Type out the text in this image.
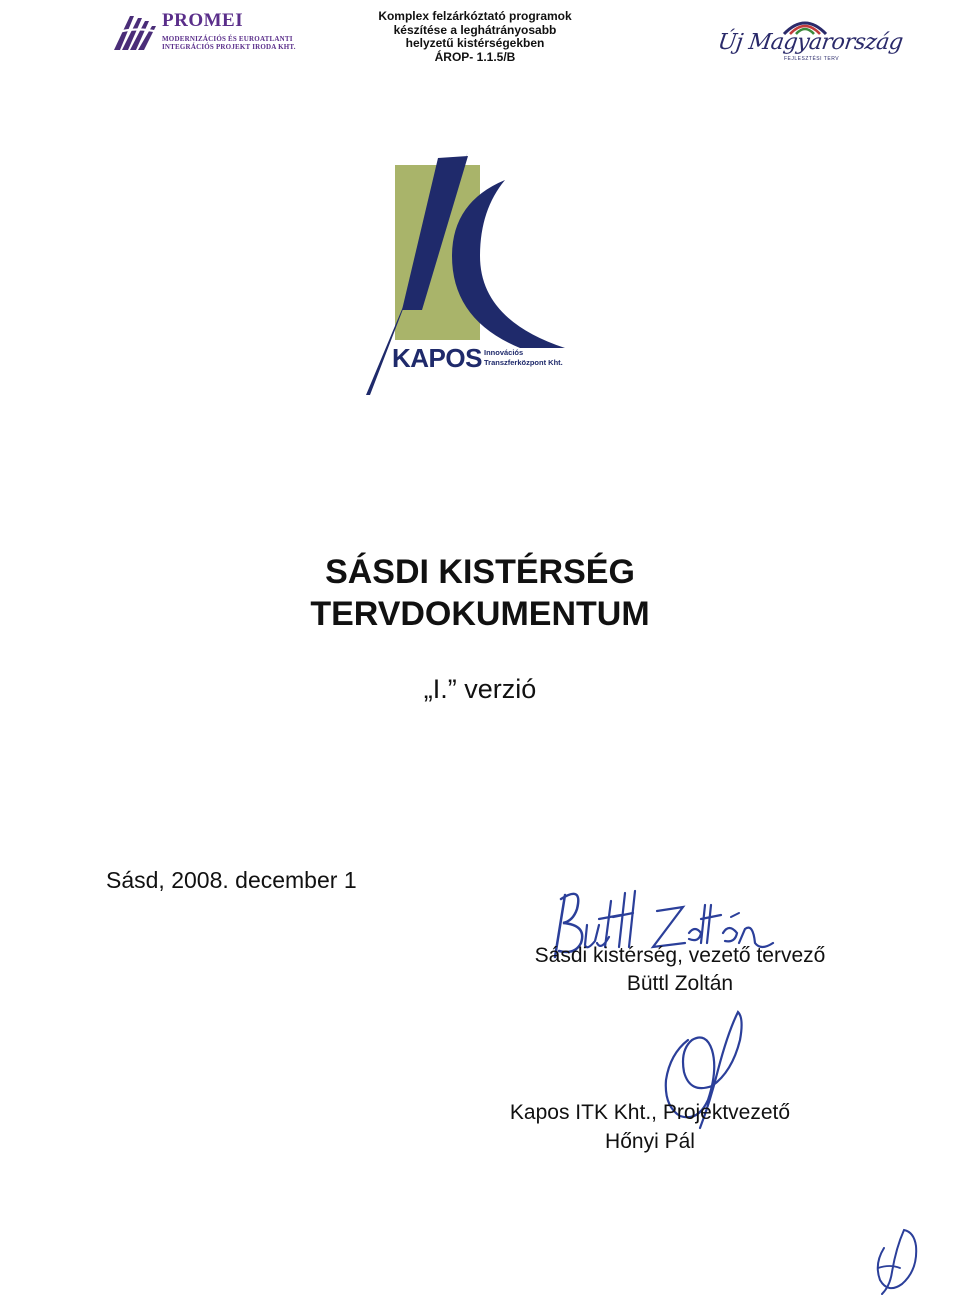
PROMEI
MODERNIZÁCIÓS ÉS EUROATLANTI
INTEGRÁCIÓS PROJEKT IRODA KHT.
Komplex felzárkóztató programok
készítése a leghátrányosabb
helyzetű kistérségekben
ÁROP- 1.1.5/B
Új Magyarország
FEJLESZTÉSI TERV
KAPOS Innovációs
Transzferközpont Kht.
SÁSDI KISTÉRSÉG
TERVDOKUMENTUM
„I.” verzió
Sásd, 2008. december 1
Sásdi kistérség, vezető tervező
Büttl Zoltán
Kapos ITK Kht., Projektvezető
Hőnyi Pál
